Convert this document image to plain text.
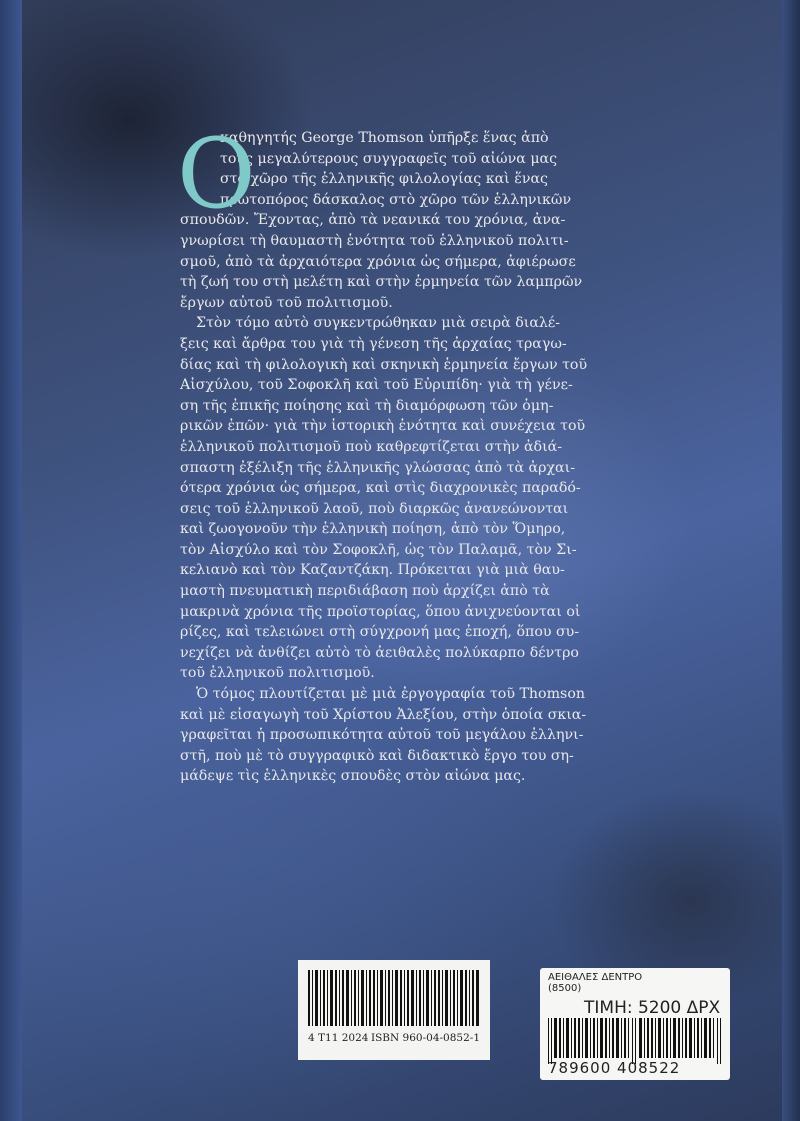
Ο
καθηγητής George Thomson ὑπῆρξε ἕνας ἀπὸ
τοὺς μεγαλύτερους συγγραφεῖς τοῦ αἰώνα μας
στὸ χῶρο τῆς ἑλληνικῆς φιλολογίας καὶ ἕνας
πρωτοπόρος δάσκαλος στὸ χῶρο τῶν ἑλληνικῶν
σπουδῶν. Ἔχοντας, ἀπὸ τὰ νεανικά του χρόνια, ἀνα-
γνωρίσει τὴ θαυμαστὴ ἑνότητα τοῦ ἑλληνικοῦ πολιτι-
σμοῦ, ἀπὸ τὰ ἀρχαιότερα χρόνια ὡς σήμερα, ἀφιέρωσε
τὴ ζωή του στὴ μελέτη καὶ στὴν ἑρμηνεία τῶν λαμπρῶν
ἔργων αὐτοῦ τοῦ πολιτισμοῦ.
Στὸν τόμο αὐτὸ συγκεντρώθηκαν μιὰ σειρὰ διαλέ-
ξεις καὶ ἄρθρα του γιὰ τὴ γένεση τῆς ἀρχαίας τραγω-
δίας καὶ τὴ φιλολογικὴ καὶ σκηνικὴ ἑρμηνεία ἔργων τοῦ
Αἰσχύλου, τοῦ Σοφοκλῆ καὶ τοῦ Εὐριπίδη· γιὰ τὴ γένε-
ση τῆς ἐπικῆς ποίησης καὶ τὴ διαμόρφωση τῶν ὁμη-
ρικῶν ἐπῶν· γιὰ τὴν ἱστορικὴ ἑνότητα καὶ συνέχεια τοῦ
ἑλληνικοῦ πολιτισμοῦ ποὺ καθρεφτίζεται στὴν ἀδιά-
σπαστη ἐξέλιξη τῆς ἑλληνικῆς γλώσσας ἀπὸ τὰ ἀρχαι-
ότερα χρόνια ὡς σήμερα, καὶ στὶς διαχρονικὲς παραδό-
σεις τοῦ ἑλληνικοῦ λαοῦ, ποὺ διαρκῶς ἀνανεώνονται
καὶ ζωογονοῦν τὴν ἑλληνικὴ ποίηση, ἀπὸ τὸν Ὅμηρο,
τὸν Αἰσχύλο καὶ τὸν Σοφοκλῆ, ὡς τὸν Παλαμᾶ, τὸν Σι-
κελιανὸ καὶ τὸν Καζαντζάκη. Πρόκειται γιὰ μιὰ θαυ-
μαστὴ πνευματικὴ περιδιάβαση ποὺ ἀρχίζει ἀπὸ τὰ
μακρινὰ χρόνια τῆς προϊστορίας, ὅπου ἀνιχνεύονται οἱ
ρίζες, καὶ τελειώνει στὴ σύγχρονή μας ἐποχή, ὅπου συ-
νεχίζει νὰ ἀνθίζει αὐτὸ τὸ ἀειθαλὲς πολύκαρπο δέντρο
τοῦ ἑλληνικοῦ πολιτισμοῦ.
Ὁ τόμος πλουτίζεται μὲ μιὰ ἐργογραφία τοῦ Thomson
καὶ μὲ εἰσαγωγὴ τοῦ Χρίστου Ἀλεξίου, στὴν ὁποία σκια-
γραφεῖται ἡ προσωπικότητα αὐτοῦ τοῦ μεγάλου ἑλληνι-
στῆ, ποὺ μὲ τὸ συγγραφικὸ καὶ διδακτικὸ ἔργο του ση-
μάδεψε τὶς ἑλληνικὲς σπουδὲς στὸν αἰώνα μας.
4 T11 2024 ISBN 960-04-0852-1
ΑΕΙΘΑΛΕΣ ΔΕΝΤΡΟ
(8500)
ΤΙΜΗ: 5200 ΔΡΧ
789600 408522
